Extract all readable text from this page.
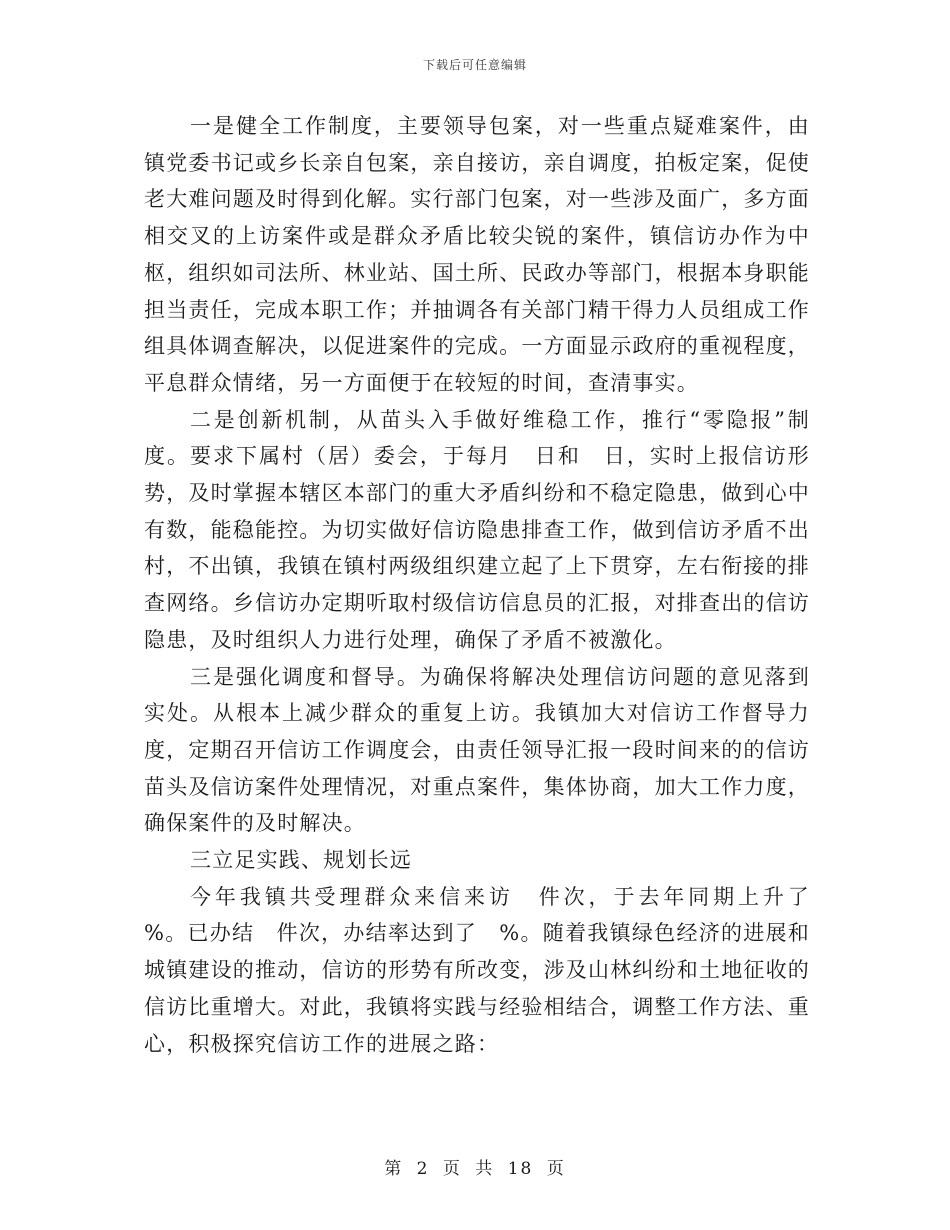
下载后可任意编辑

一是健全工作制度，主要领导包案，对一些重点疑难案件，由镇党委书记或乡长亲自包案，亲自接访，亲自调度，拍板定案，促使老大难问题及时得到化解。实行部门包案，对一些涉及面广，多方面相交叉的上访案件或是群众矛盾比较尖锐的案件，镇信访办作为中枢，组织如司法所、林业站、国土所、民政办等部门，根据本身职能担当责任，完成本职工作；并抽调各有关部门精干得力人员组成工作组具体调查解决，以促进案件的完成。一方面显示政府的重视程度，平息群众情绪，另一方面便于在较短的时间，查清事实。

二是创新机制，从苗头入手做好维稳工作，推行“零隐报”制度。要求下属村（居）委会，于每月　日和　日，实时上报信访形势，及时掌握本辖区本部门的重大矛盾纠纷和不稳定隐患，做到心中有数，能稳能控。为切实做好信访隐患排查工作，做到信访矛盾不出村，不出镇，我镇在镇村两级组织建立起了上下贯穿，左右衔接的排查网络。乡信访办定期听取村级信访信息员的汇报，对排查出的信访隐患，及时组织人力进行处理，确保了矛盾不被激化。

三是强化调度和督导。为确保将解决处理信访问题的意见落到实处。从根本上减少群众的重复上访。我镇加大对信访工作督导力度，定期召开信访工作调度会，由责任领导汇报一段时间来的的信访苗头及信访案件处理情况，对重点案件，集体协商，加大工作力度，确保案件的及时解决。

三立足实践、规划长远

今年我镇共受理群众来信来访　件次，于去年同期上升了　%。已办结　件次，办结率达到了　%。随着我镇绿色经济的进展和城镇建设的推动，信访的形势有所改变，涉及山林纠纷和土地征收的信访比重增大。对此，我镇将实践与经验相结合，调整工作方法、重心，积极探究信访工作的进展之路：

第 2 页 共 18 页
